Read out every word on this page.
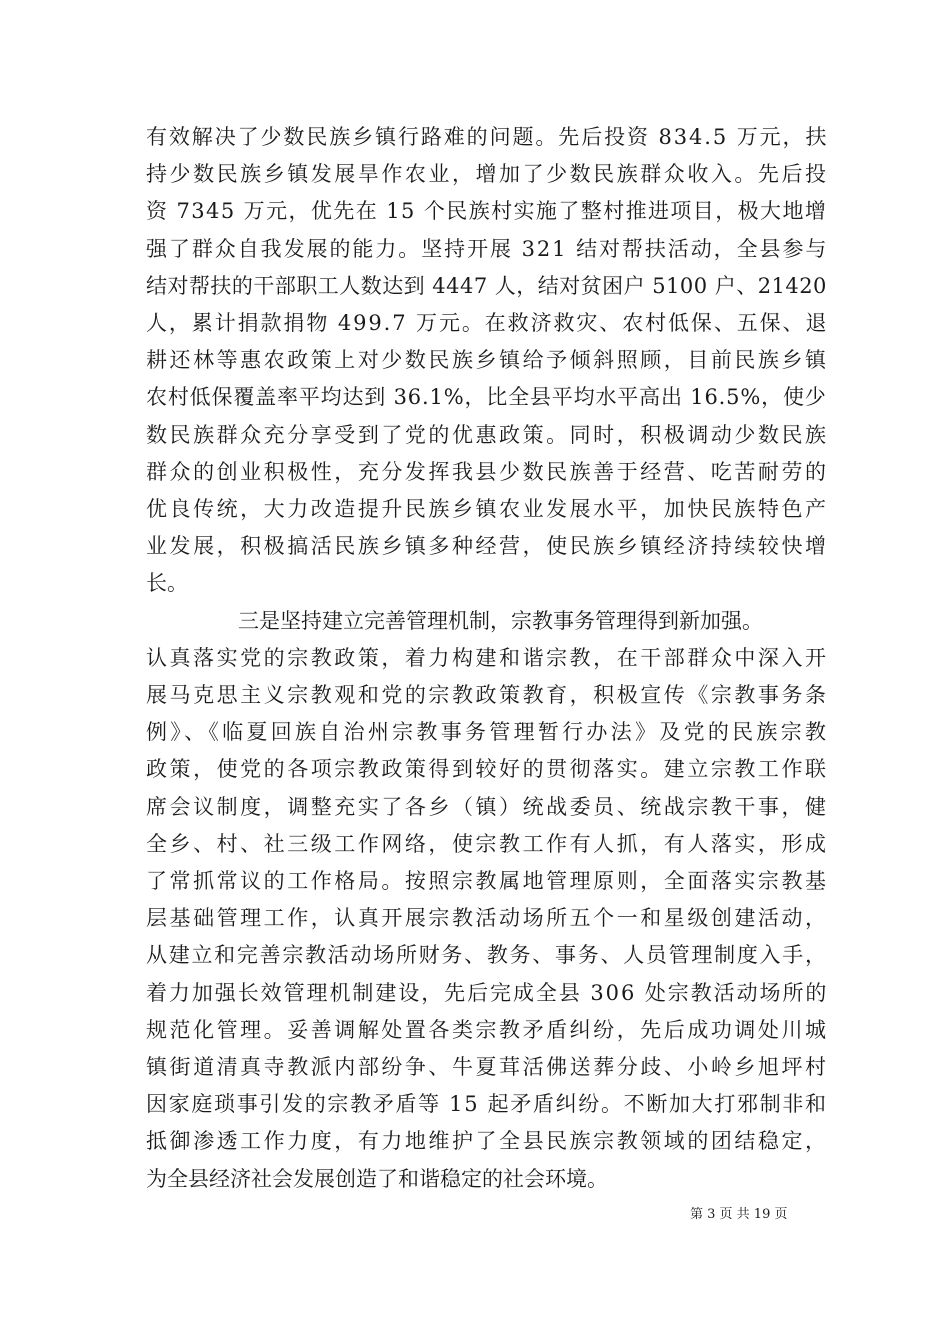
有效解决了少数民族乡镇行路难的问题。先后投资 834.5 万元，扶
持少数民族乡镇发展旱作农业，增加了少数民族群众收入。先后投
资 7345 万元，优先在 15 个民族村实施了整村推进项目，极大地增
强了群众自我发展的能力。坚持开展 321 结对帮扶活动，全县参与
结对帮扶的干部职工人数达到 4447 人，结对贫困户 5100 户、21420
人，累计捐款捐物 499.7 万元。在救济救灾、农村低保、五保、退
耕还林等惠农政策上对少数民族乡镇给予倾斜照顾，目前民族乡镇
农村低保覆盖率平均达到 36.1%，比全县平均水平高出 16.5%，使少
数民族群众充分享受到了党的优惠政策。同时，积极调动少数民族
群众的创业积极性，充分发挥我县少数民族善于经营、吃苦耐劳的
优良传统，大力改造提升民族乡镇农业发展水平，加快民族特色产
业发展，积极搞活民族乡镇多种经营，使民族乡镇经济持续较快增
长。
三是坚持建立完善管理机制，宗教事务管理得到新加强。
认真落实党的宗教政策，着力构建和谐宗教，在干部群众中深入开
展马克思主义宗教观和党的宗教政策教育，积极宣传《宗教事务条
例》、《临夏回族自治州宗教事务管理暂行办法》及党的民族宗教
政策，使党的各项宗教政策得到较好的贯彻落实。建立宗教工作联
席会议制度，调整充实了各乡（镇）统战委员、统战宗教干事，健
全乡、村、社三级工作网络，使宗教工作有人抓，有人落实，形成
了常抓常议的工作格局。按照宗教属地管理原则，全面落实宗教基
层基础管理工作，认真开展宗教活动场所五个一和星级创建活动，
从建立和完善宗教活动场所财务、教务、事务、人员管理制度入手，
着力加强长效管理机制建设，先后完成全县 306 处宗教活动场所的
规范化管理。妥善调解处置各类宗教矛盾纠纷，先后成功调处川城
镇街道清真寺教派内部纷争、牛夏茸活佛送葬分歧、小岭乡旭坪村
因家庭琐事引发的宗教矛盾等 15 起矛盾纠纷。不断加大打邪制非和
抵御渗透工作力度，有力地维护了全县民族宗教领域的团结稳定，
为全县经济社会发展创造了和谐稳定的社会环境。
第 3 页 共 19 页
